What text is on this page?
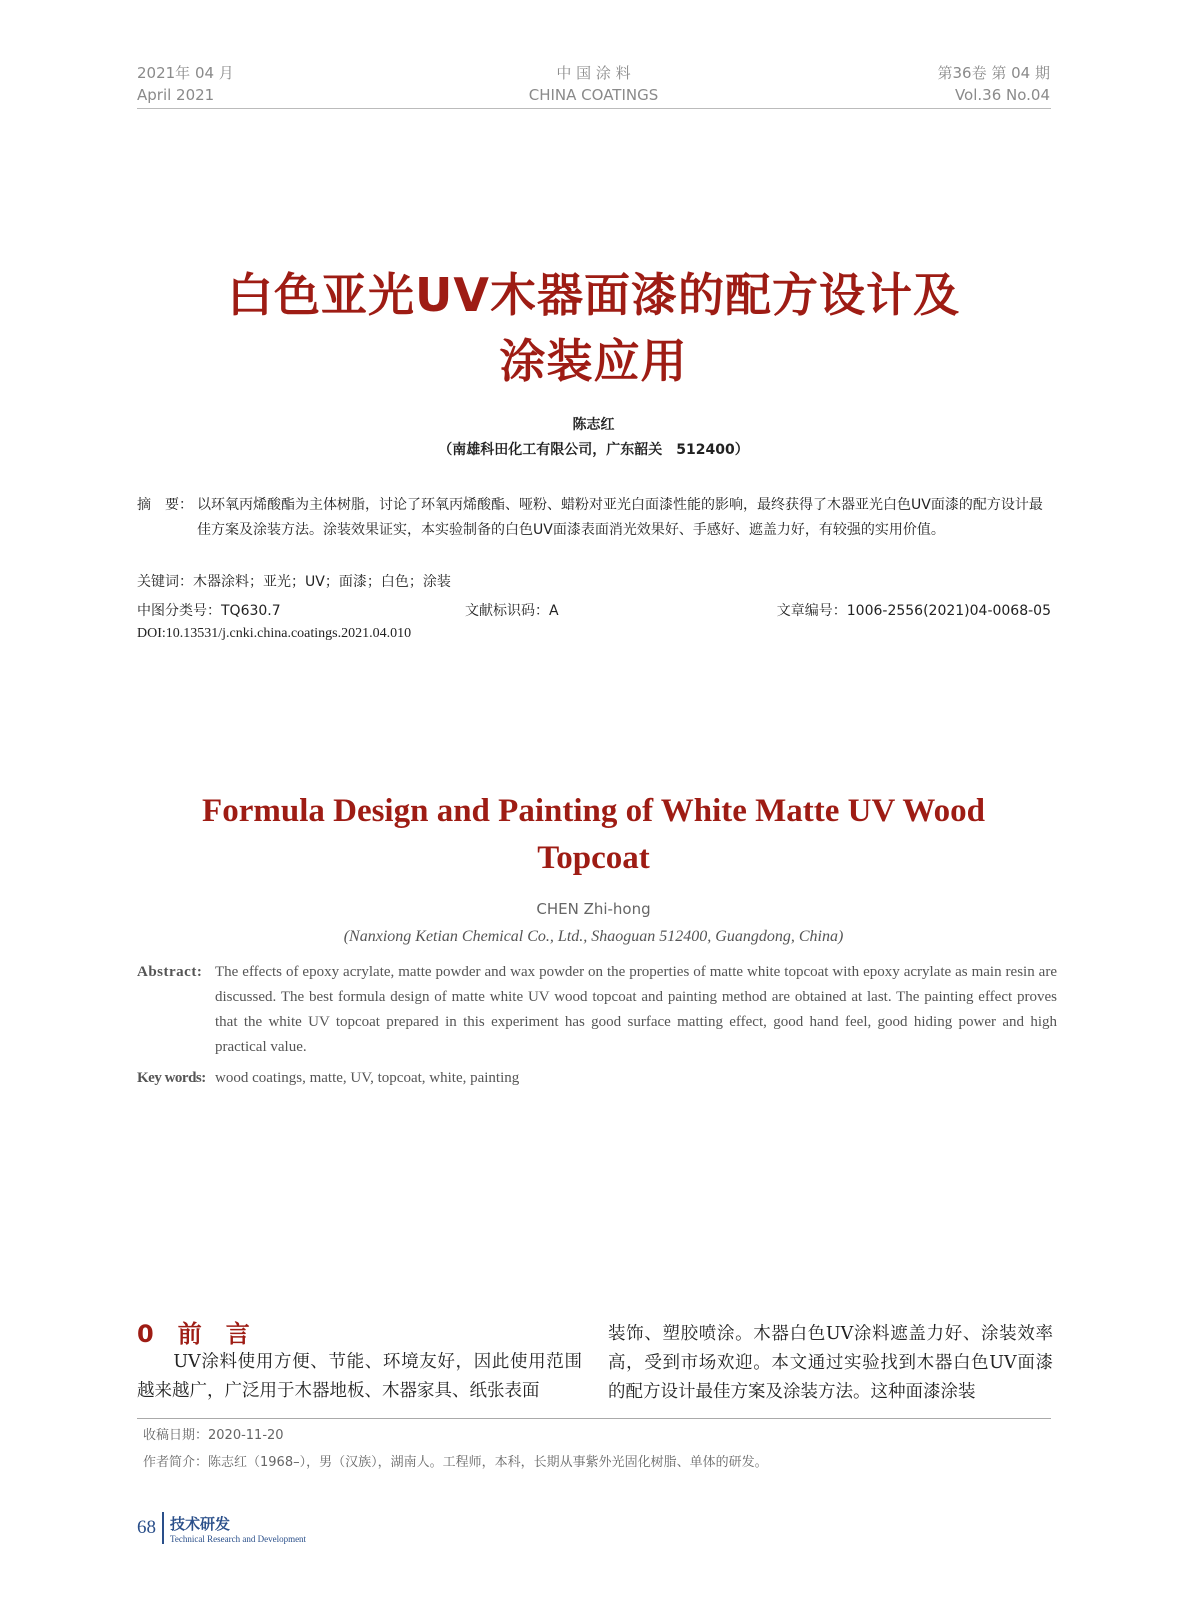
2021年 04 月
April 2021
中 国 涂 料
CHINA COATINGS
第36卷 第 04 期
Vol.36 No.04
白色亚光UV木器面漆的配方设计及
涂装应用
陈志红
（南雄科田化工有限公司，广东韶关　512400）
摘　要： 以环氧丙烯酸酯为主体树脂，讨论了环氧丙烯酸酯、哑粉、蜡粉对亚光白面漆性能的影响，最终获得了木器亚光白色UV面漆的配方设计最佳方案及涂装方法。涂装效果证实，本实验制备的白色UV面漆表面消光效果好、手感好、遮盖力好，有较强的实用价值。
关键词：木器涂料；亚光；UV；面漆；白色；涂装
中图分类号：TQ630.7	文献标识码：A	文章编号：1006-2556(2021)04-0068-05
DOI:10.13531/j.cnki.china.coatings.2021.04.010
Formula Design and Painting of White Matte UV Wood
Topcoat
CHEN Zhi-hong
(Nanxiong Ketian Chemical Co., Ltd., Shaoguan 512400, Guangdong, China)
Abstract: The effects of epoxy acrylate, matte powder and wax powder on the properties of matte white topcoat with epoxy acrylate as main resin are discussed. The best formula design of matte white UV wood topcoat and painting method are obtained at last. The painting effect proves that the white UV topcoat prepared in this experiment has good surface matting effect, good hand feel, good hiding power and high practical value.
Key words: wood coatings, matte, UV, topcoat, white, painting
0　前　言
　　UV涂料使用方便、节能、环境友好，因此使用范围越来越广，广泛用于木器地板、木器家具、纸张表面
装饰、塑胶喷涂。木器白色UV涂料遮盖力好、涂装效率高，受到市场欢迎。本文通过实验找到木器白色UV面漆的配方设计最佳方案及涂装方法。这种面漆涂装
收稿日期：2020-11-20
作者简介：陈志红（1968–），男（汉族），湖南人。工程师，本科，长期从事紫外光固化树脂、单体的研发。
68 技术研发
Technical Research and Development
